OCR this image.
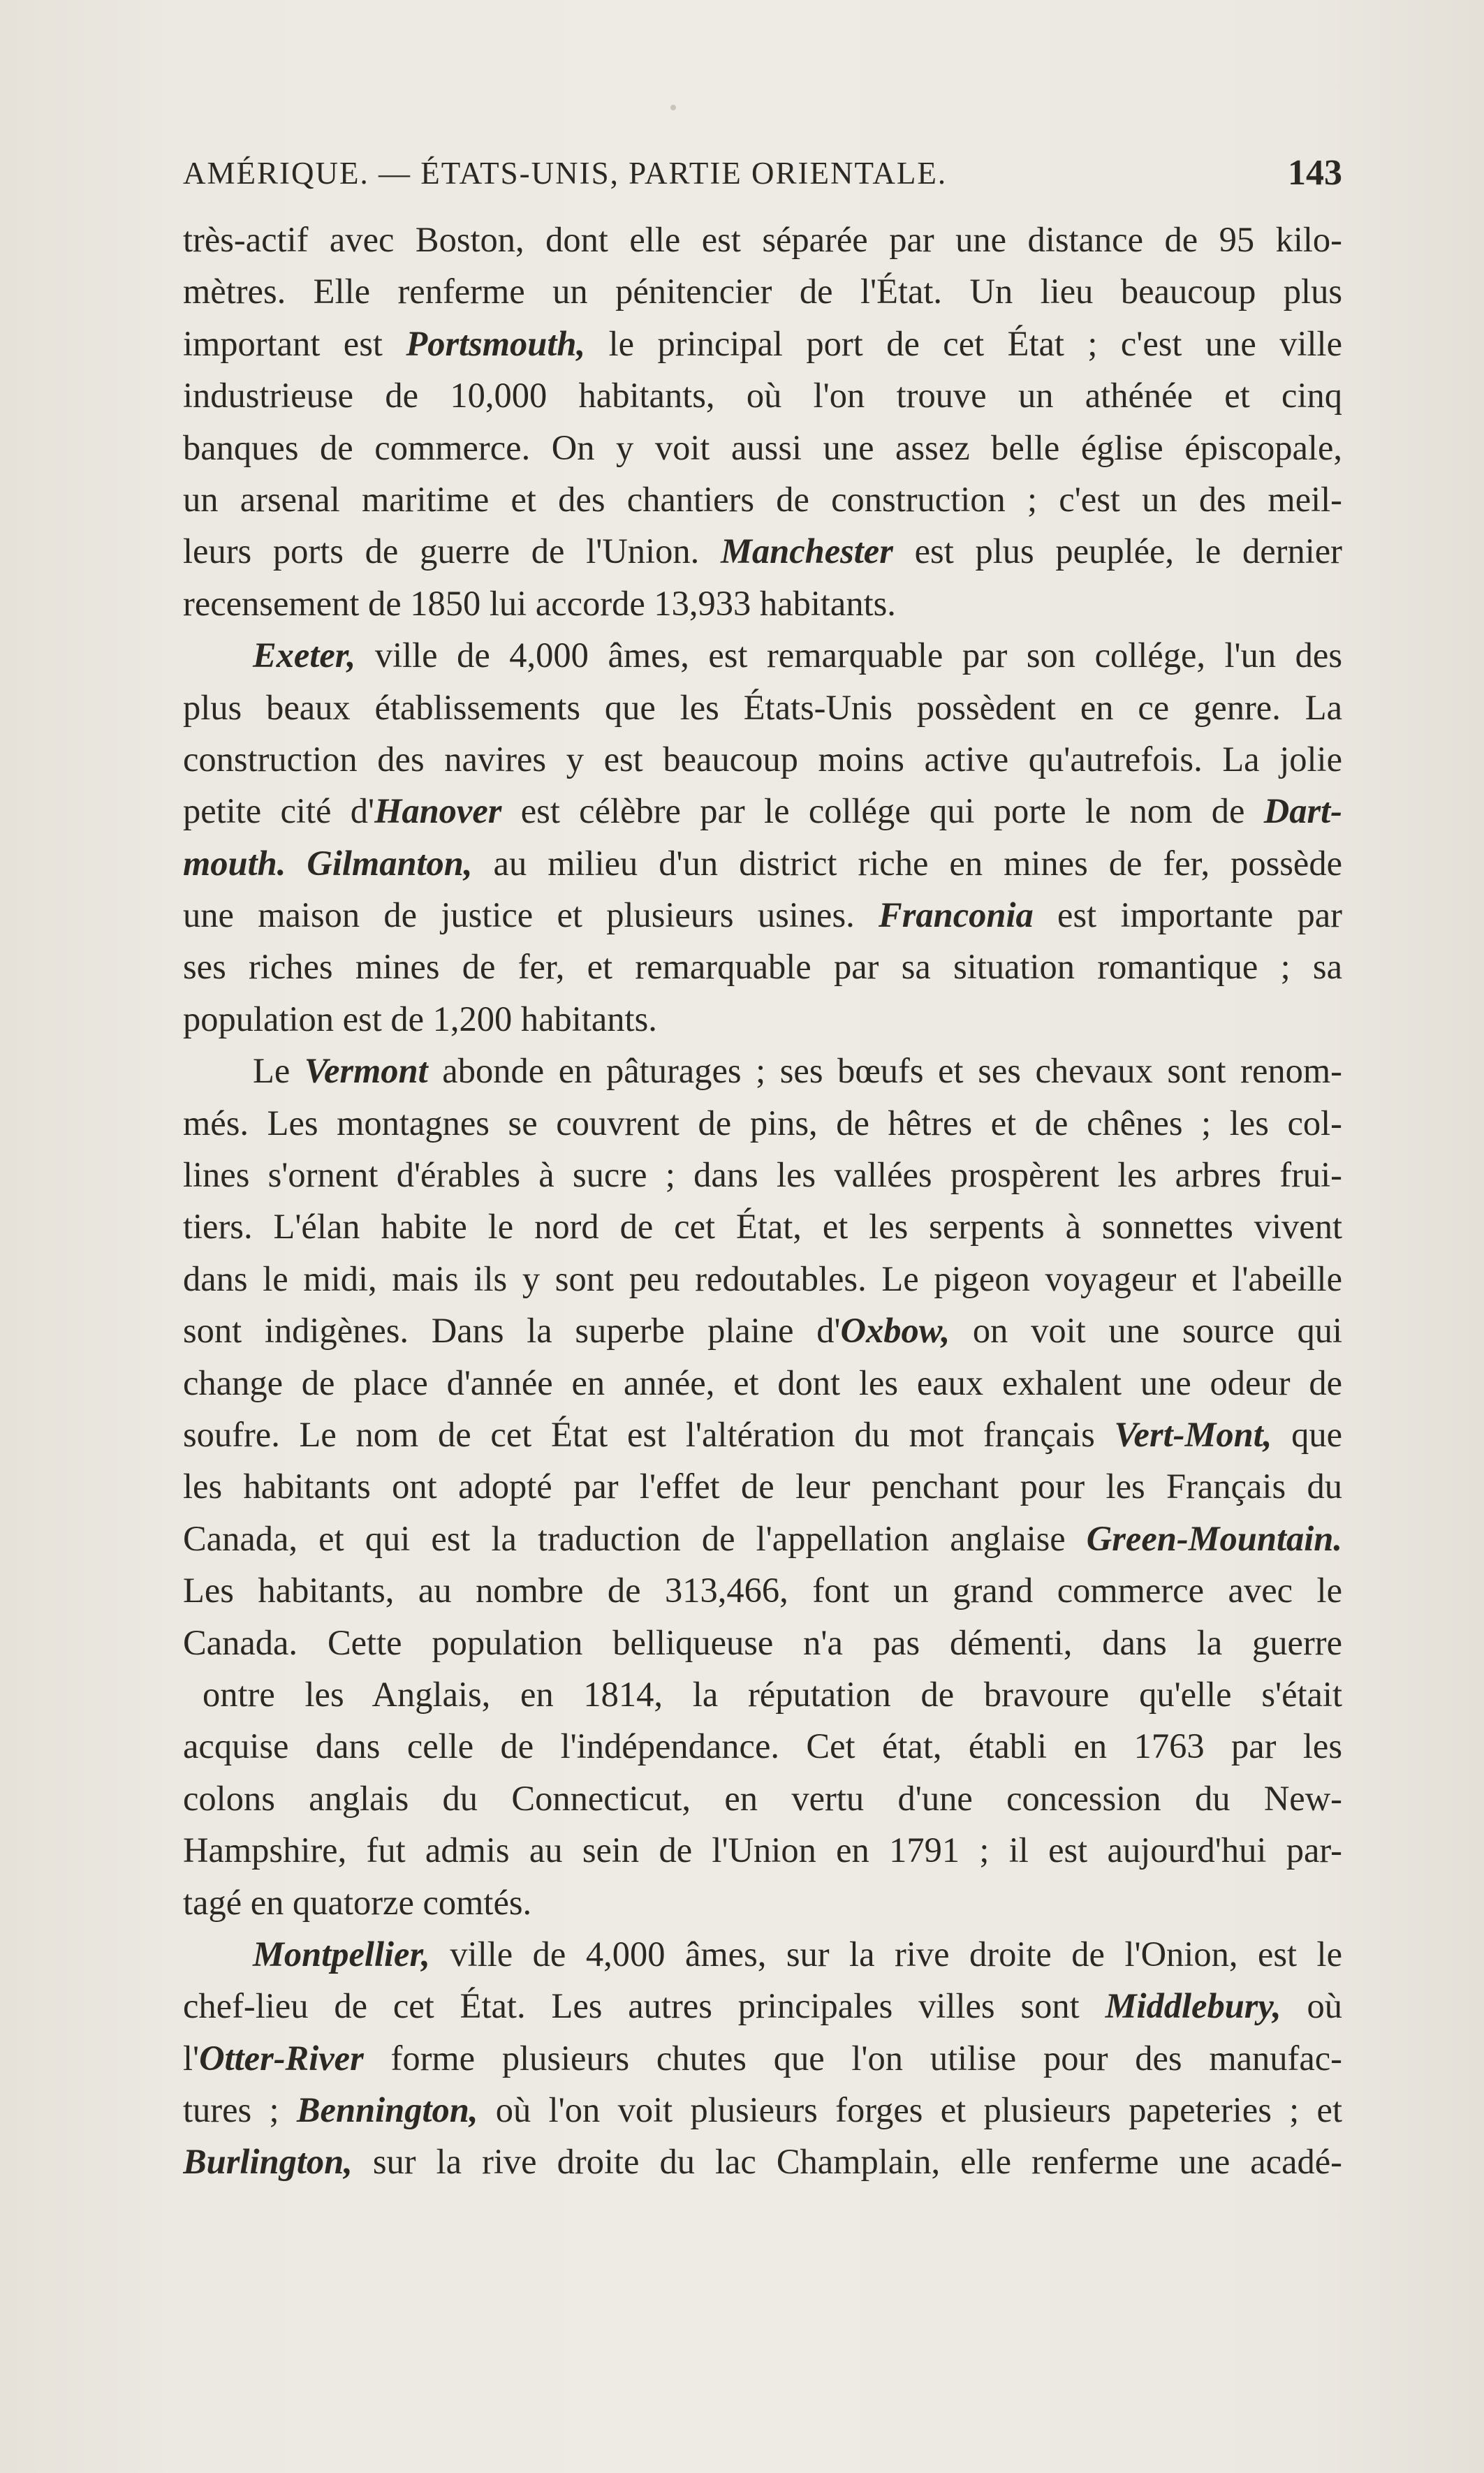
AMÉRIQUE. — ÉTATS-UNIS, PARTIE ORIENTALE.	143
très-actif avec Boston, dont elle est séparée par une distance de 95 kilo-
mètres. Elle renferme un pénitencier de l'État. Un lieu beaucoup plus
important est Portsmouth, le principal port de cet État ; c'est une ville
industrieuse de 10,000 habitants, où l'on trouve un athénée et cinq
banques de commerce. On y voit aussi une assez belle église épiscopale,
un arsenal maritime et des chantiers de construction ; c'est un des meil-
leurs ports de guerre de l'Union. Manchester est plus peuplée, le dernier
recensement de 1850 lui accorde 13,933 habitants.
Exeter, ville de 4,000 âmes, est remarquable par son collége, l'un des
plus beaux établissements que les États-Unis possèdent en ce genre. La
construction des navires y est beaucoup moins active qu'autrefois. La jolie
petite cité d'Hanover est célèbre par le collége qui porte le nom de Dart-
mouth. Gilmanton, au milieu d'un district riche en mines de fer, possède
une maison de justice et plusieurs usines. Franconia est importante par
ses riches mines de fer, et remarquable par sa situation romantique ; sa
population est de 1,200 habitants.
Le Vermont abonde en pâturages ; ses bœufs et ses chevaux sont renom-
més. Les montagnes se couvrent de pins, de hêtres et de chênes ; les col-
lines s'ornent d'érables à sucre ; dans les vallées prospèrent les arbres frui-
tiers. L'élan habite le nord de cet État, et les serpents à sonnettes vivent
dans le midi, mais ils y sont peu redoutables. Le pigeon voyageur et l'abeille
sont indigènes. Dans la superbe plaine d'Oxbow, on voit une source qui
change de place d'année en année, et dont les eaux exhalent une odeur de
soufre. Le nom de cet État est l'altération du mot français Vert-Mont, que
les habitants ont adopté par l'effet de leur penchant pour les Français du
Canada, et qui est la traduction de l'appellation anglaise Green-Mountain.
Les habitants, au nombre de 313,466, font un grand commerce avec le
Canada. Cette population belliqueuse n'a pas démenti, dans la guerre
ontre les Anglais, en 1814, la réputation de bravoure qu'elle s'était
acquise dans celle de l'indépendance. Cet état, établi en 1763 par les
colons anglais du Connecticut, en vertu d'une concession du New-
Hampshire, fut admis au sein de l'Union en 1791 ; il est aujourd'hui par-
tagé en quatorze comtés.
Montpellier, ville de 4,000 âmes, sur la rive droite de l'Onion, est le
chef-lieu de cet État. Les autres principales villes sont Middlebury, où
l'Otter-River forme plusieurs chutes que l'on utilise pour des manufac-
tures ; Bennington, où l'on voit plusieurs forges et plusieurs papeteries ; et
Burlington, sur la rive droite du lac Champlain, elle renferme une acadé-
